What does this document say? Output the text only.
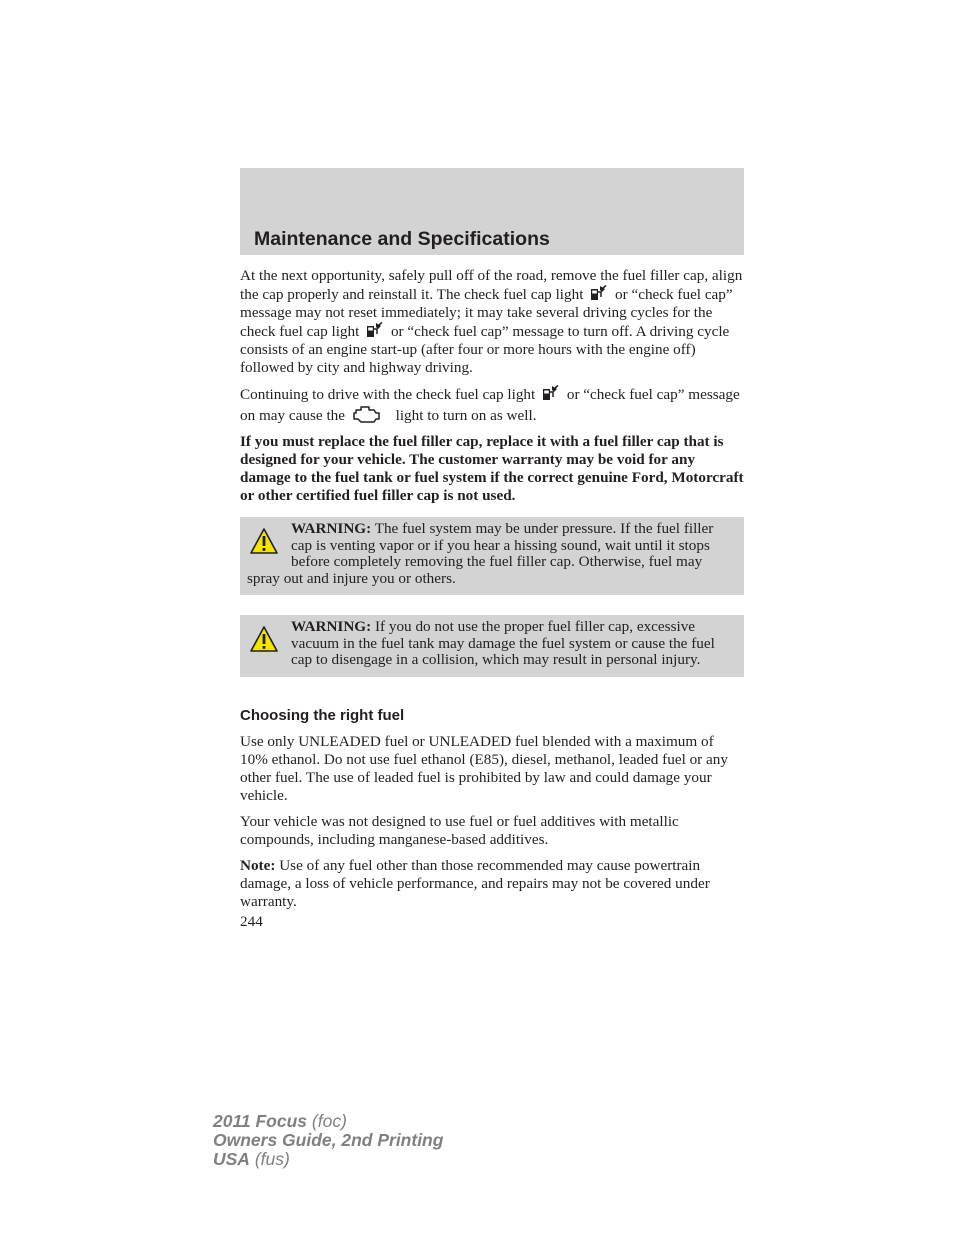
Maintenance and Specifications

At the next opportunity, safely pull off of the road, remove the fuel filler cap, align the cap properly and reinstall it. The check fuel cap light or “check fuel cap” message may not reset immediately; it may take several driving cycles for the check fuel cap light or “check fuel cap” message to turn off. A driving cycle consists of an engine start-up (after four or more hours with the engine off) followed by city and highway driving.

Continuing to drive with the check fuel cap light or “check fuel cap” message on may cause the	light to turn on as well.

If you must replace the fuel filler cap, replace it with a fuel filler cap that is designed for your vehicle. The customer warranty may be void for any damage to the fuel tank or fuel system if the correct genuine Ford, Motorcraft or other certified fuel filler cap is not used.

WARNING: The fuel system may be under pressure. If the fuel filler cap is venting vapor or if you hear a hissing sound, wait until it stops before completely removing the fuel filler cap. Otherwise, fuel may spray out and injure you or others.
WARNING: If you do not use the proper fuel filler cap, excessive vacuum in the fuel tank may damage the fuel system or cause the fuel cap to disengage in a collision, which may result in personal injury.
Choosing the right fuel

Use only UNLEADED fuel or UNLEADED fuel blended with a maximum of 10% ethanol. Do not use fuel ethanol (E85), diesel, methanol, leaded fuel or any other fuel. The use of leaded fuel is prohibited by law and could damage your vehicle.

Your vehicle was not designed to use fuel or fuel additives with metallic compounds, including manganese-based additives.

Note: Use of any fuel other than those recommended may cause powertrain damage, a loss of vehicle performance, and repairs may not be covered under warranty.

244
2011 Focus (foc)
Owners Guide, 2nd Printing
USA (fus)
